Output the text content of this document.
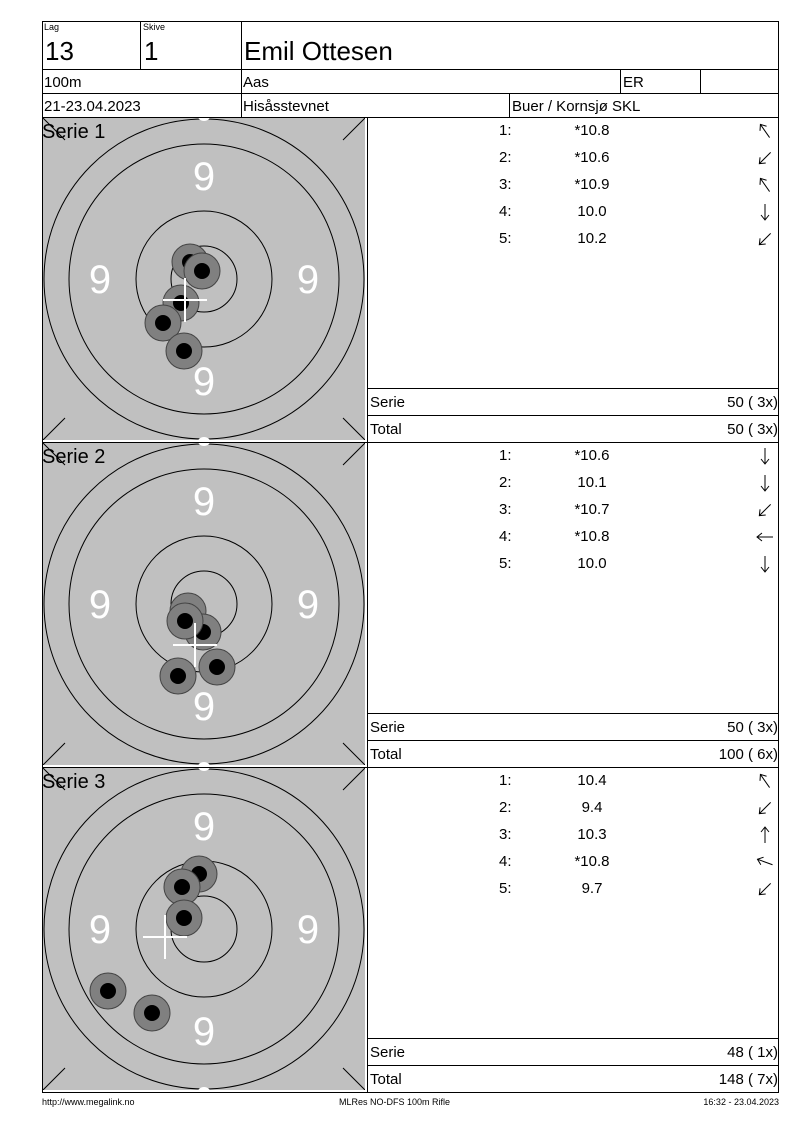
Lag
13
Skive
1	Emil Ottesen
100m	Aas	ER
21-23.04.2023	Hisåsstevnet	Buer / Kornsjø SKL
9
9
9	9
Serie 1	1:	*10.8
2:	*10.6
3:	*10.9
4:	10.0
5:	10.2
Serie	50 ( 3x)
Total	50 ( 3x)
9
9
9	9
Serie 2	1:	*10.6
2:	10.1
3:	*10.7
4:	*10.8
5:	10.0
Serie	50 ( 3x)
Total	100 ( 6x)
9
9
9	9
Serie 3	1:	10.4
2:	9.4
3:	10.3
4:	*10.8
5:	9.7
Serie	48 ( 1x)
Total	148 ( 7x)
http://www.megalink.no	MLRes NO-DFS 100m Rifle	16:32 - 23.04.2023
